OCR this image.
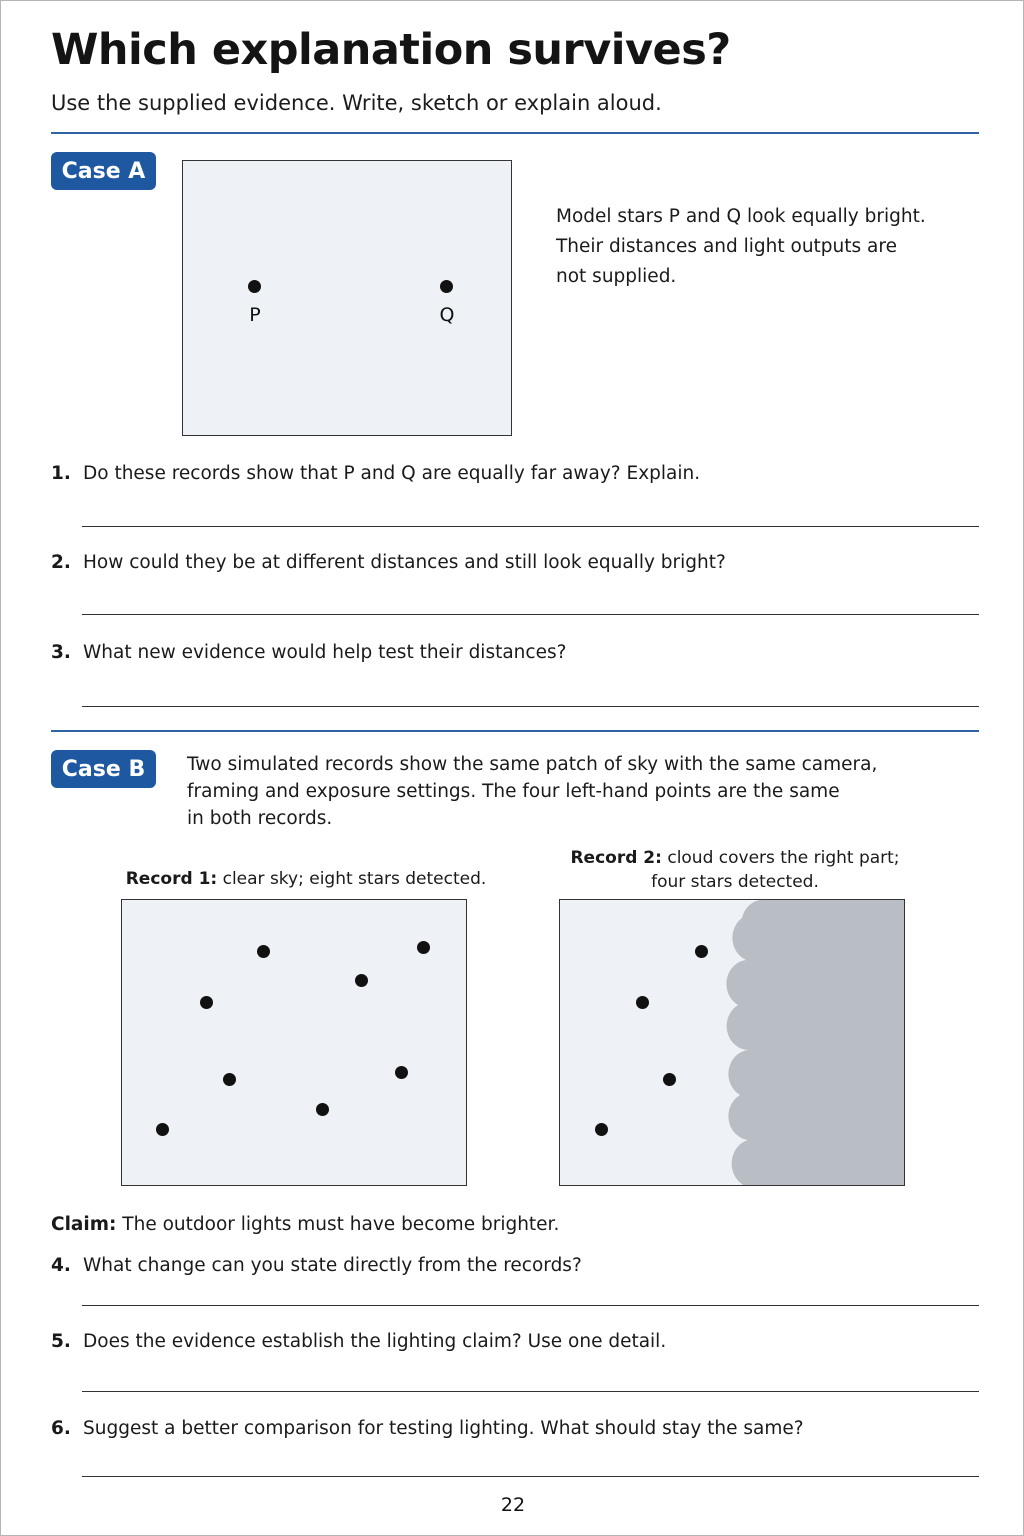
Which explanation survives?
Use the supplied evidence. Write, sketch or explain aloud.
Case A
P	Q
Model stars P and Q look equally bright.
Their distances and light outputs are
not supplied.
1. Do these records show that P and Q are equally far away? Explain.
2. How could they be at different distances and still look equally bright?
3. What new evidence would help test their distances?
Case B	Two simulated records show the same patch of sky with the same camera,
framing and exposure settings. The four left-hand points are the same
in both records.
Record 1: clear sky; eight stars detected.
Record 2: cloud covers the right part;
four stars detected.
Claim: The outdoor lights must have become brighter.
4. What change can you state directly from the records?
5. Does the evidence establish the lighting claim? Use one detail.
6. Suggest a better comparison for testing lighting. What should stay the same?
22
